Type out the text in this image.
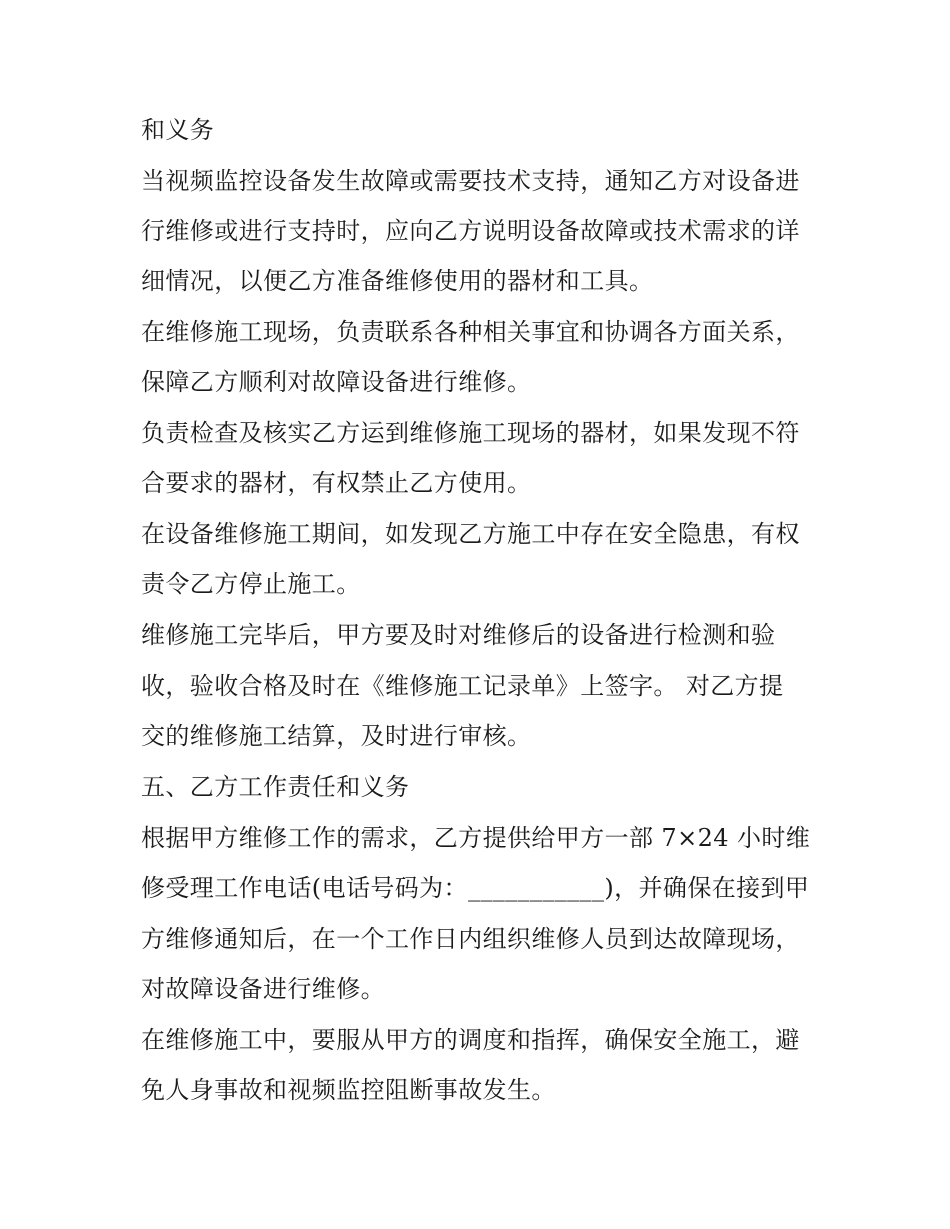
和义务

当视频监控设备发生故障或需要技术支持，通知乙方对设备进

行维修或进行支持时，应向乙方说明设备故障或技术需求的详

细情况，以便乙方准备维修使用的器材和工具。

在维修施工现场，负责联系各种相关事宜和协调各方面关系，

保障乙方顺利对故障设备进行维修。

负责检查及核实乙方运到维修施工现场的器材，如果发现不符

合要求的器材，有权禁止乙方使用。

在设备维修施工期间，如发现乙方施工中存在安全隐患，有权

责令乙方停止施工。

维修施工完毕后，甲方要及时对维修后的设备进行检测和验

收，验收合格及时在《维修施工记录单》上签字。 对乙方提

交的维修施工结算，及时进行审核。

五、乙方工作责任和义务

根据甲方维修工作的需求，乙方提供给甲方一部 7×24 小时维

修受理工作电话(电话号码为：___________)，并确保在接到甲

方维修通知后，在一个工作日内组织维修人员到达故障现场，

对故障设备进行维修。

在维修施工中，要服从甲方的调度和指挥，确保安全施工，避

免人身事故和视频监控阻断事故发生。
